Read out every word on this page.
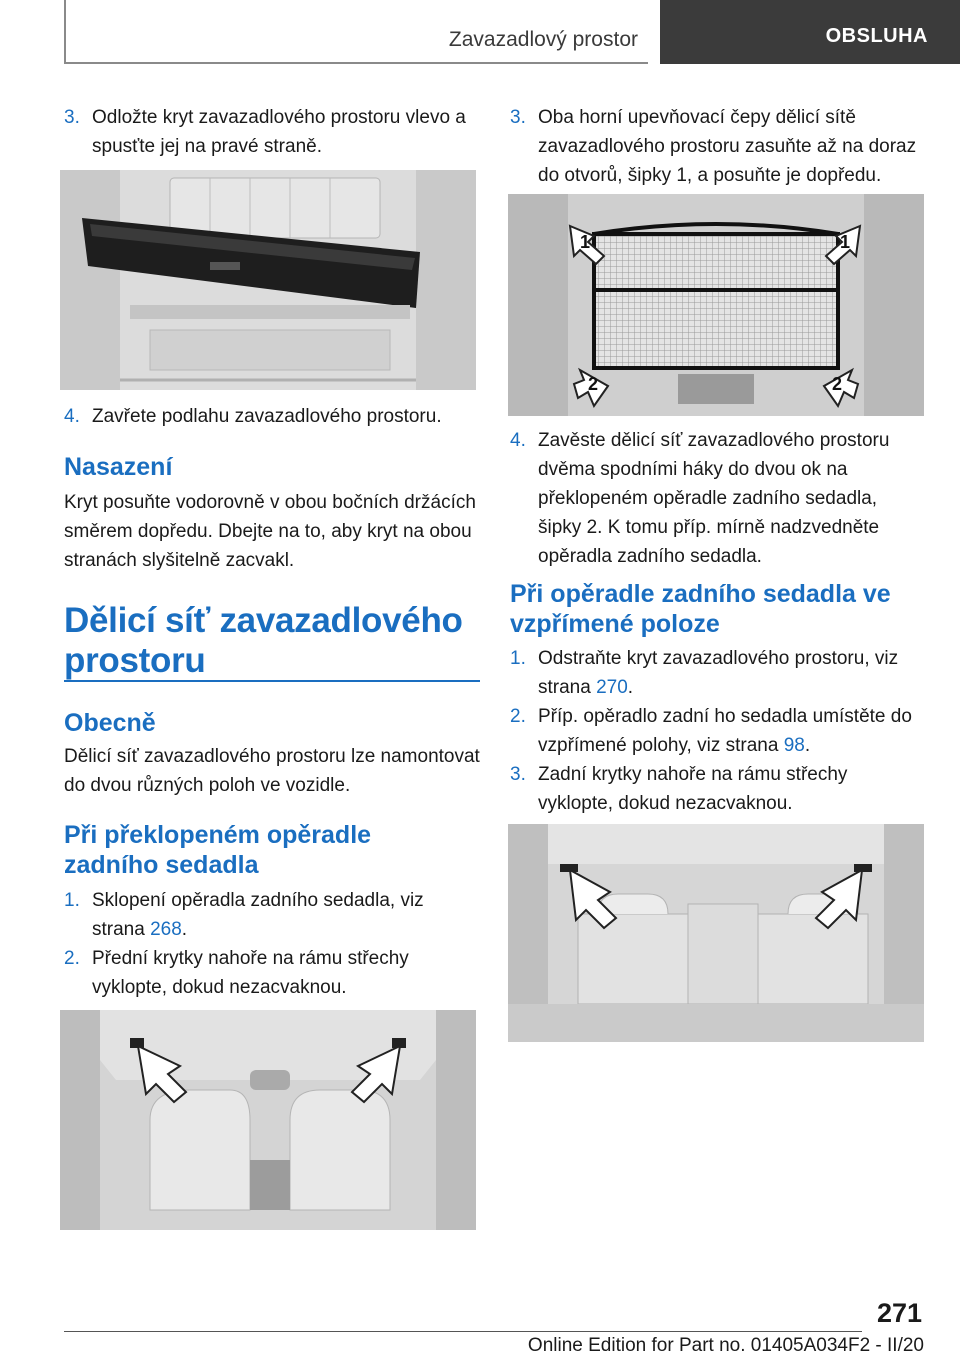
Zavazadlový prostor	OBSLUHA
3. Odložte kryt zavazadlového prostoru vlevo a spusťte jej na pravé straně.
4. Zavřete podlahu zavazadlového prostoru.
Nasazení
Kryt posuňte vodorovně v obou bočních držácích směrem dopředu. Dbejte na to, aby kryt na obou stranách slyšitelně zacvakl.
Dělicí síť zavazadlového
prostoru
Obecně
Dělicí síť zavazadlového prostoru lze namontovat do dvou různých poloh ve vozidle.
Při překlopeném opěradle
zadního sedadla
1. Sklopení opěradla zadního sedadla, viz strana 268.
2. Přední krytky nahoře na rámu střechy vyklopte, dokud nezacvaknou.
3. Oba horní upevňovací čepy dělicí sítě zavazadlového prostoru zasuňte až na doraz do otvorů, šipky 1, a posuňte je dopředu.
1	1
2	2
4. Zavěste dělicí síť zavazadlového prostoru dvěma spodními háky do dvou ok na překlopeném opěradle zadního sedadla, šipky 2. K tomu příp. mírně nadzvedněte opěradla zadního sedadla.
Při opěradle zadního sedadla ve
vzpřímené poloze
1. Odstraňte kryt zavazadlového prostoru, viz strana 270.
2. Příp. opěradlo zadní ho sedadla umístěte do vzpřímené polohy, viz strana 98.
3. Zadní krytky nahoře na rámu střechy vyklopte, dokud nezacvaknou.
271
Online Edition for Part no. 01405A034F2 - II/20
